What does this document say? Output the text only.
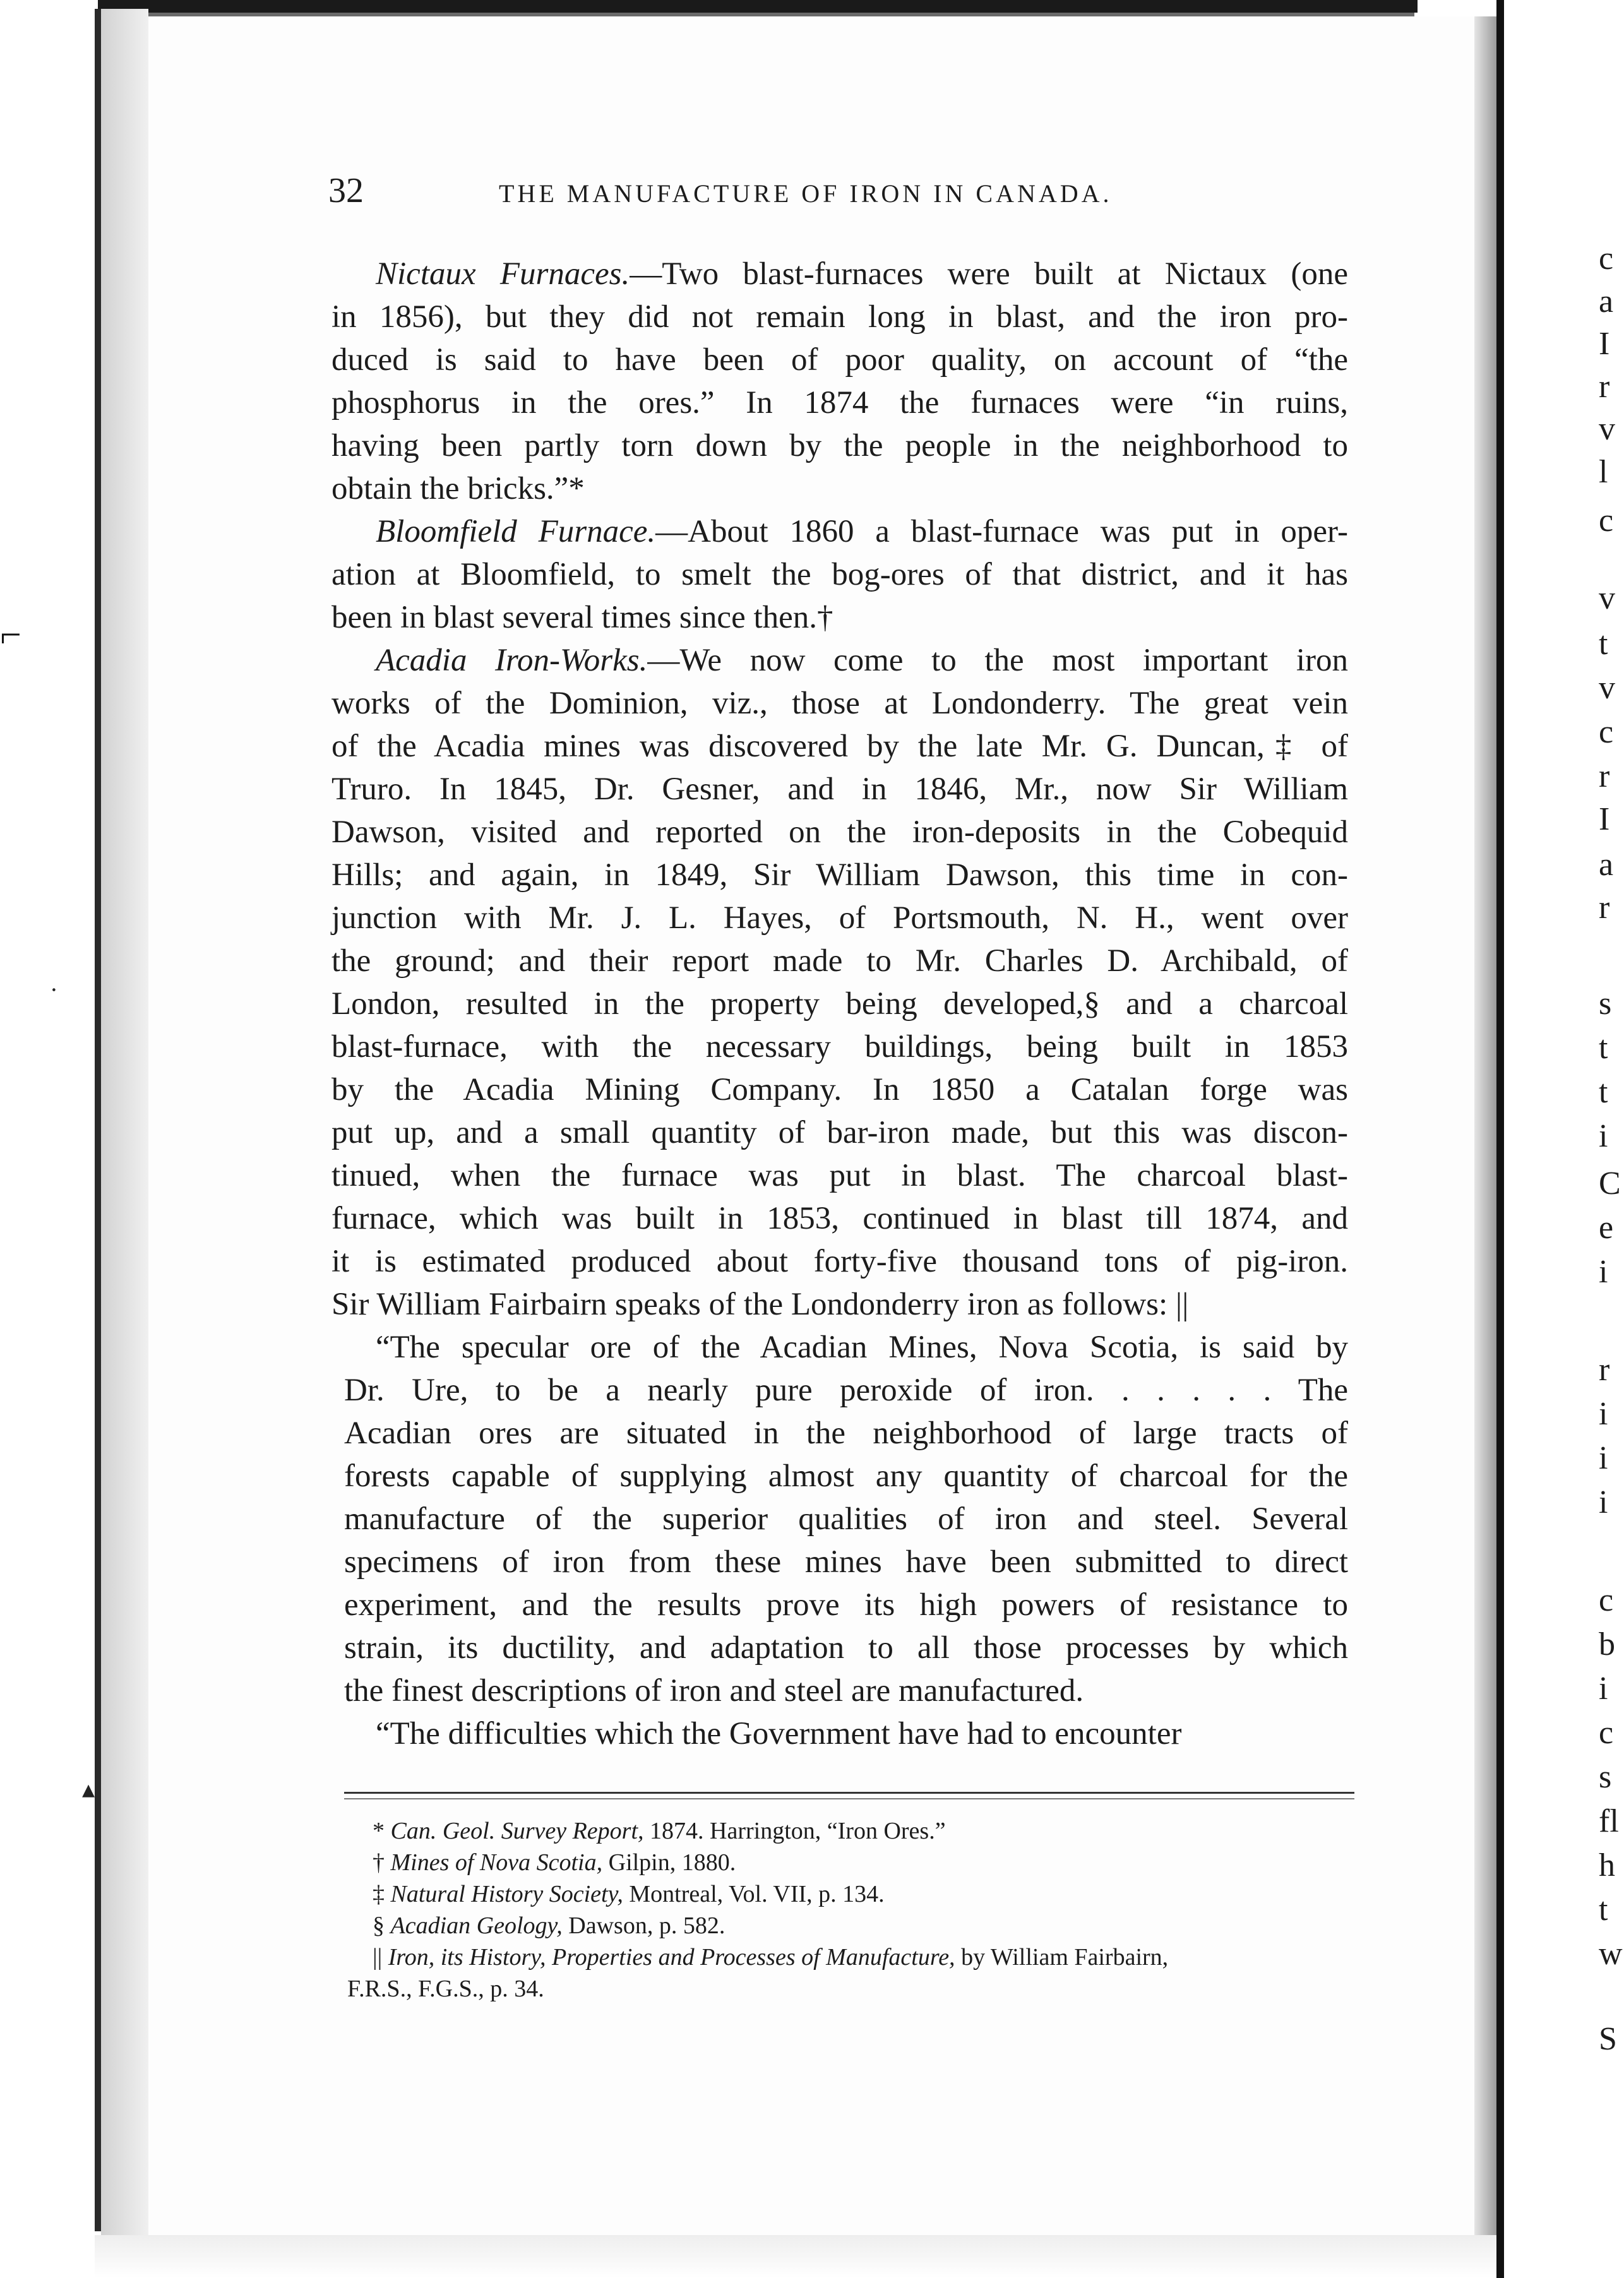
⌐
˙
▴
c
a
I
r
v
l
c
v
t
v
c
r
I
a
r
s
t
t
i
C
e
i
r
i
i
i
c
b
i
c
s
fl
h
t
w
S
32	THE MANUFACTURE OF IRON IN CANADA.
Nictaux Furnaces.—Two blast-furnaces were built at Nictaux (one
in 1856), but they did not remain long in blast, and the iron pro-
duced is said to have been of poor quality, on account of “the
phosphorus in the ores.” In 1874 the furnaces were “in ruins,
having been partly torn down by the people in the neighborhood to
obtain the bricks.”*
Bloomfield Furnace.—About 1860 a blast-furnace was put in oper-
ation at Bloomfield, to smelt the bog-ores of that district, and it has
been in blast several times since then.†
Acadia Iron-Works.—We now come to the most important iron
works of the Dominion, viz., those at Londonderry. The great vein
of the Acadia mines was discovered by the late Mr. G. Duncan,‡ of
Truro. In 1845, Dr. Gesner, and in 1846, Mr., now Sir William
Dawson, visited and reported on the iron-deposits in the Cobequid
Hills; and again, in 1849, Sir William Dawson, this time in con-
junction with Mr. J. L. Hayes, of Portsmouth, N. H., went over
the ground; and their report made to Mr. Charles D. Archibald, of
London, resulted in the property being developed,§ and a charcoal
blast-furnace, with the necessary buildings, being built in 1853
by the Acadia Mining Company. In 1850 a Catalan forge was
put up, and a small quantity of bar-iron made, but this was discon-
tinued, when the furnace was put in blast. The charcoal blast-
furnace, which was built in 1853, continued in blast till 1874, and
it is estimated produced about forty-five thousand tons of pig-iron.
Sir William Fairbairn speaks of the Londonderry iron as follows: ||
“The specular ore of the Acadian Mines, Nova Scotia, is said by
Dr. Ure, to be a nearly pure peroxide of iron. . . . . . The
Acadian ores are situated in the neighborhood of large tracts of
forests capable of supplying almost any quantity of charcoal for the
manufacture of the superior qualities of iron and steel. Several
specimens of iron from these mines have been submitted to direct
experiment, and the results prove its high powers of resistance to
strain, its ductility, and adaptation to all those processes by which
the finest descriptions of iron and steel are manufactured.
“The difficulties which the Government have had to encounter
* Can. Geol. Survey Report, 1874. Harrington, “Iron Ores.”
† Mines of Nova Scotia, Gilpin, 1880.
‡ Natural History Society, Montreal, Vol. VII, p. 134.
§ Acadian Geology, Dawson, p. 582.
|| Iron, its History, Properties and Processes of Manufacture, by William Fairbairn,
F.R.S., F.G.S., p. 34.
